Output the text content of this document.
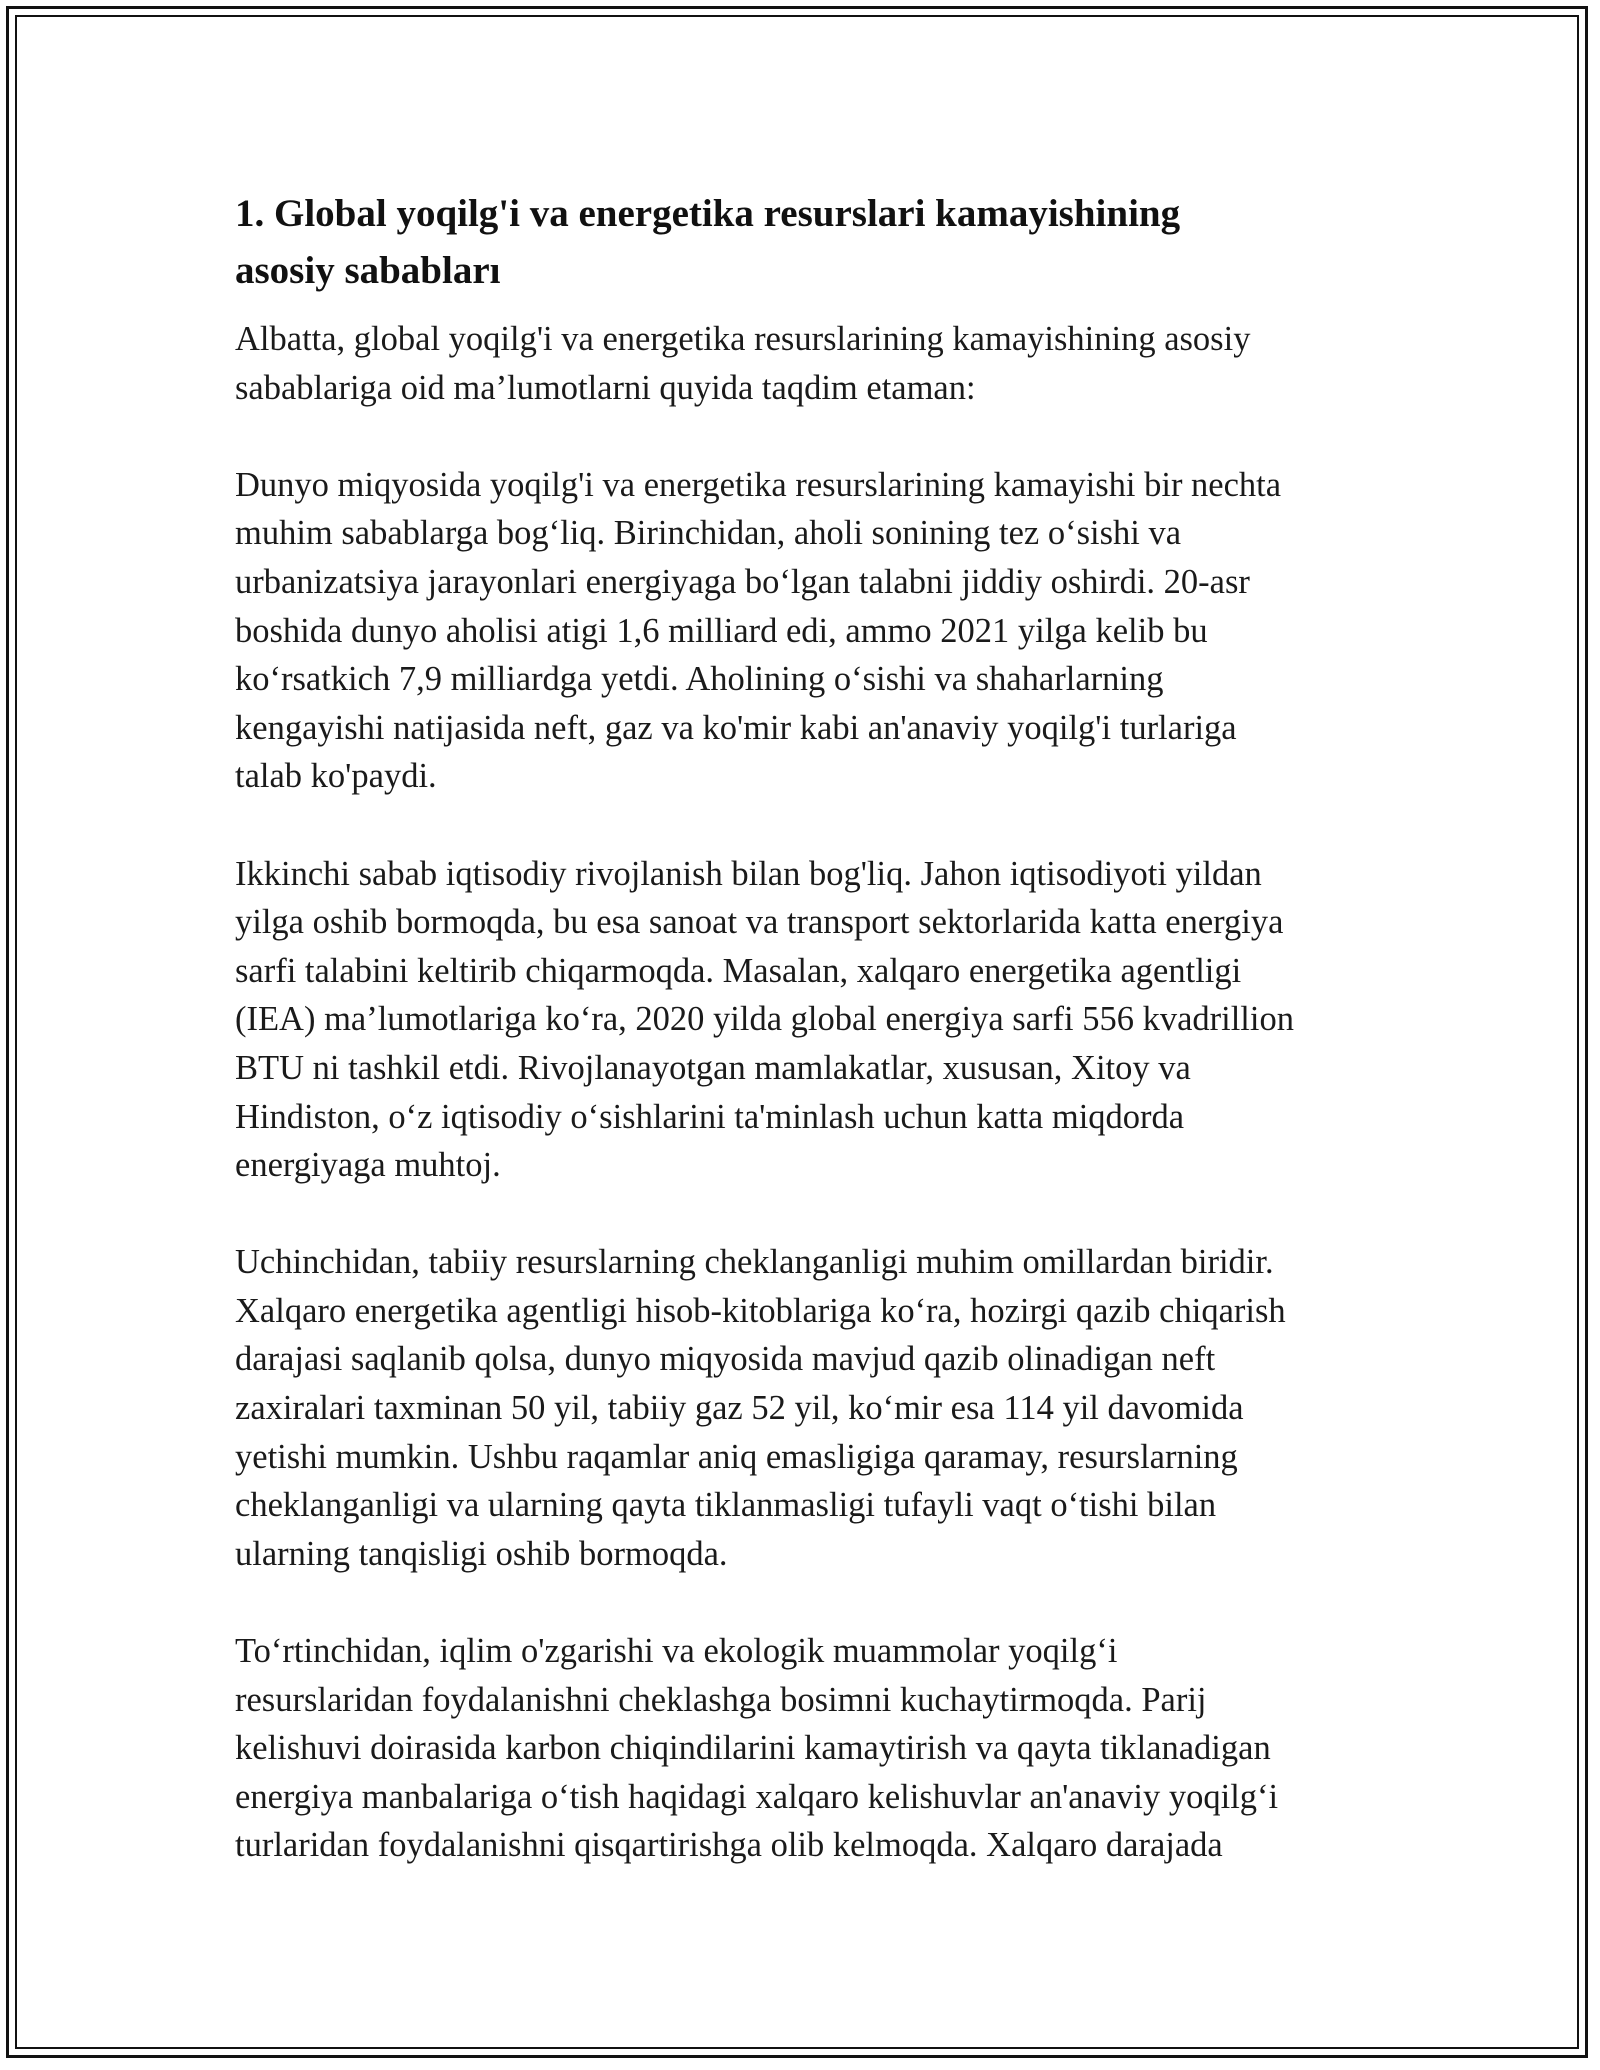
1. Global yoqilg'i va energetika resurslari kamayishining
asosiy sababları

Albatta, global yoqilg'i va energetika resurslarining kamayishining asosiy
sabablariga oid ma’lumotlarni quyida taqdim etaman:

Dunyo miqyosida yoqilg'i va energetika resurslarining kamayishi bir nechta
muhim sabablarga bog‘liq. Birinchidan, aholi sonining tez o‘sishi va
urbanizatsiya jarayonlari energiyaga bo‘lgan talabni jiddiy oshirdi. 20-asr
boshida dunyo aholisi atigi 1,6 milliard edi, ammo 2021 yilga kelib bu
ko‘rsatkich 7,9 milliardga yetdi. Aholining o‘sishi va shaharlarning
kengayishi natijasida neft, gaz va ko'mir kabi an'anaviy yoqilg'i turlariga
talab ko'paydi.

Ikkinchi sabab iqtisodiy rivojlanish bilan bog'liq. Jahon iqtisodiyoti yildan
yilga oshib bormoqda, bu esa sanoat va transport sektorlarida katta energiya
sarfi talabini keltirib chiqarmoqda. Masalan, xalqaro energetika agentligi
(IEA) ma’lumotlariga ko‘ra, 2020 yilda global energiya sarfi 556 kvadrillion
BTU ni tashkil etdi. Rivojlanayotgan mamlakatlar, xususan, Xitoy va
Hindiston, o‘z iqtisodiy o‘sishlarini ta'minlash uchun katta miqdorda
energiyaga muhtoj.

Uchinchidan, tabiiy resurslarning cheklanganligi muhim omillardan biridir.
Xalqaro energetika agentligi hisob-kitoblariga ko‘ra, hozirgi qazib chiqarish
darajasi saqlanib qolsa, dunyo miqyosida mavjud qazib olinadigan neft
zaxiralari taxminan 50 yil, tabiiy gaz 52 yil, ko‘mir esa 114 yil davomida
yetishi mumkin. Ushbu raqamlar aniq emasligiga qaramay, resurslarning
cheklanganligi va ularning qayta tiklanmasligi tufayli vaqt o‘tishi bilan
ularning tanqisligi oshib bormoqda.

To‘rtinchidan, iqlim o'zgarishi va ekologik muammolar yoqilg‘i
resurslaridan foydalanishni cheklashga bosimni kuchaytirmoqda. Parij
kelishuvi doirasida karbon chiqindilarini kamaytirish va qayta tiklanadigan
energiya manbalariga o‘tish haqidagi xalqaro kelishuvlar an'anaviy yoqilg‘i
turlaridan foydalanishni qisqartirishga olib kelmoqda. Xalqaro darajada
